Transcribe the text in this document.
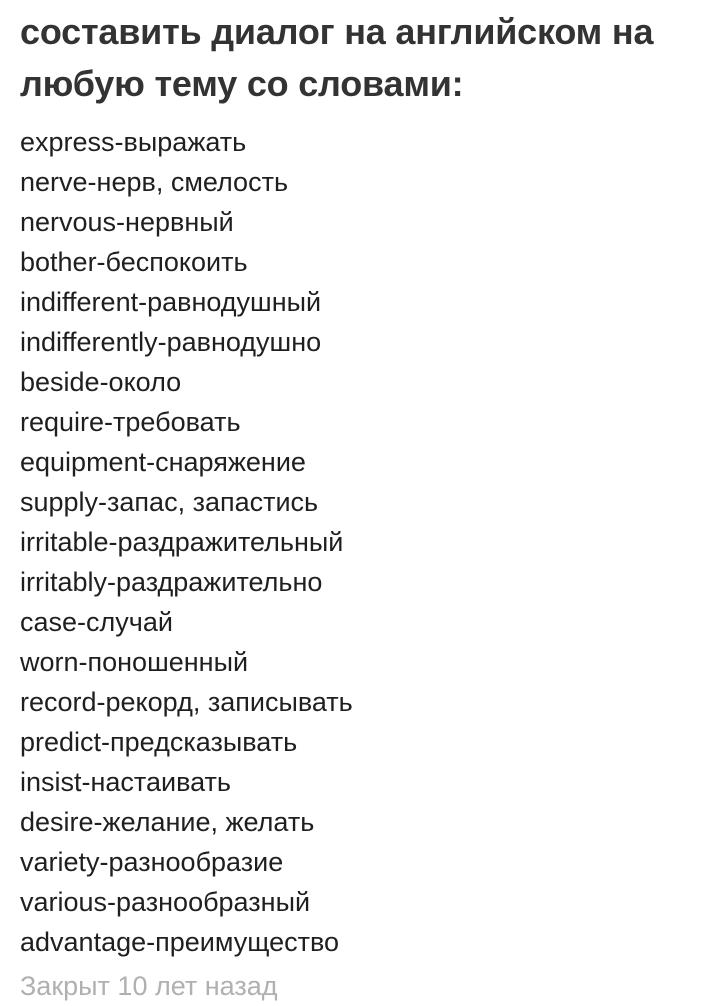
составить диалог на английском на любую тему со словами:
express-выражать
nerve-нерв, смелость
nervous-нервный
bother-беспокоить
indifferent-равнодушный
indifferently-равнодушно
beside-около
require-требовать
equipment-снаряжение
supply-запас, запастись
irritable-раздражительный
irritably-раздражительно
case-случай
worn-поношенный
record-рекорд, записывать
predict-предсказывать
insist-настаивать
desire-желание, желать
variety-разнообразие
various-разнообразный
advantage-преимущество
Закрыт 10 лет назад
